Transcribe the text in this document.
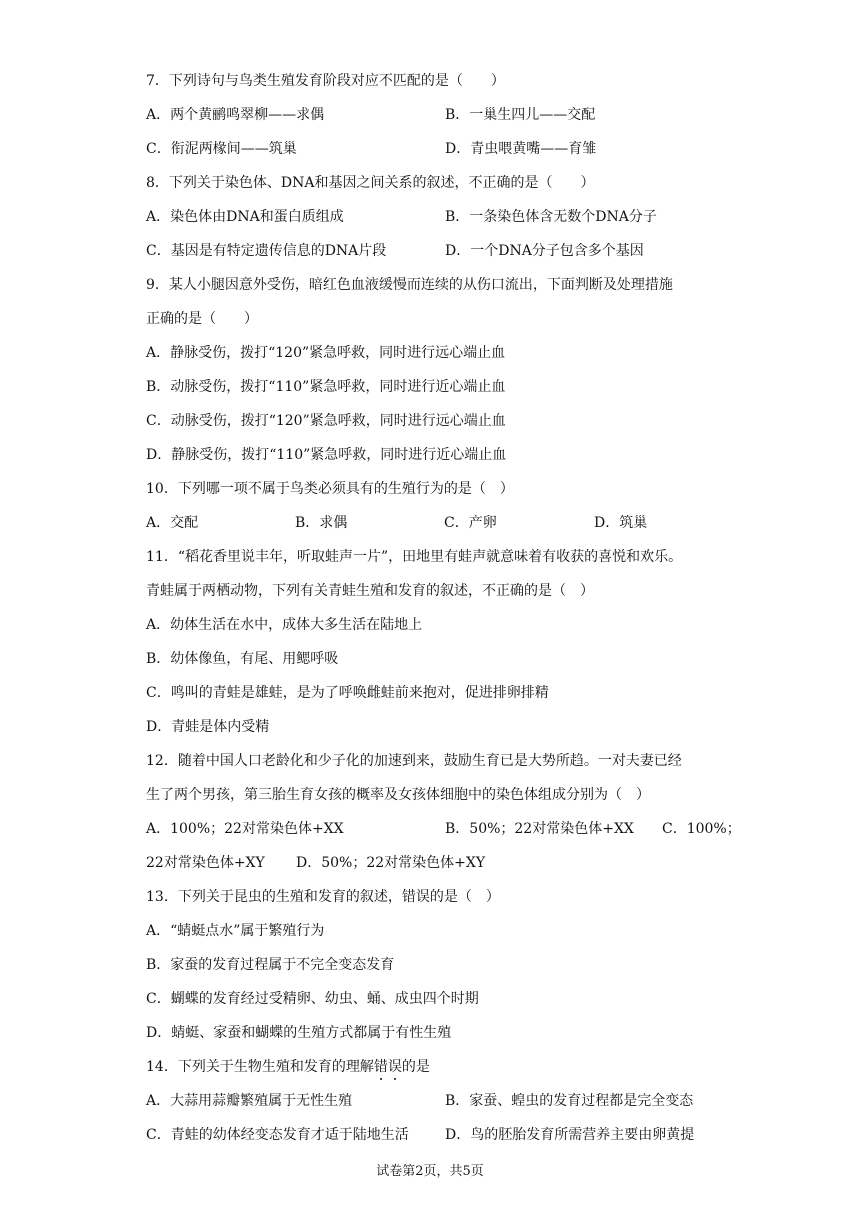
7．下列诗句与鸟类生殖发育阶段对应不匹配的是（　　）
A．两个黄鹂鸣翠柳——求偶	B．一巢生四儿——交配
C．衔泥两椽间——筑巢	D．青虫喂黄嘴——育雏
8．下列关于染色体、DNA和基因之间关系的叙述，不正确的是（　　）
A．染色体由DNA和蛋白质组成	B．一条染色体含无数个DNA分子
C．基因是有特定遗传信息的DNA片段	D．一个DNA分子包含多个基因
9．某人小腿因意外受伤，暗红色血液缓慢而连续的从伤口流出，下面判断及处理措施
正确的是（　　）
A．静脉受伤，拨打“120”紧急呼救，同时进行远心端止血
B．动脉受伤，拨打“110”紧急呼救，同时进行近心端止血
C．动脉受伤，拨打“120”紧急呼救，同时进行远心端止血
D．静脉受伤，拨打“110”紧急呼救，同时进行近心端止血
10．下列哪一项不属于鸟类必须具有的生殖行为的是（　）
A．交配	B．求偶	C．产卵	D．筑巢
11．“稻花香里说丰年，听取蛙声一片”，田地里有蛙声就意味着有收获的喜悦和欢乐。
青蛙属于两栖动物，下列有关青蛙生殖和发育的叙述，不正确的是（　）
A．幼体生活在水中，成体大多生活在陆地上
B．幼体像鱼，有尾、用鳃呼吸
C．鸣叫的青蛙是雄蛙，是为了呼唤雌蛙前来抱对，促进排卵排精
D．青蛙是体内受精
12．随着中国人口老龄化和少子化的加速到来，鼓励生育已是大势所趋。一对夫妻已经
生了两个男孩，第三胎生育女孩的概率及女孩体细胞中的染色体组成分别为（　）
A．100%；22对常染色体+XX	B．50%；22对常染色体+XX C．100%；
22对常染色体+XY D．50%；22对常染色体+XY
13．下列关于昆虫的生殖和发育的叙述，错误的是（　）
A．“蜻蜓点水”属于繁殖行为
B．家蚕的发育过程属于不完全变态发育
C．蝴蝶的发育经过受精卵、幼虫、蛹、成虫四个时期
D．蜻蜓、家蚕和蝴蝶的生殖方式都属于有性生殖
14．下列关于生物生殖和发育的理解错误的是
A．大蒜用蒜瓣繁殖属于无性生殖	B．家蚕、蝗虫的发育过程都是完全变态
C．青蛙的幼体经变态发育才适于陆地生活	D．鸟的胚胎发育所需营养主要由卵黄提
试卷第2页，共5页
